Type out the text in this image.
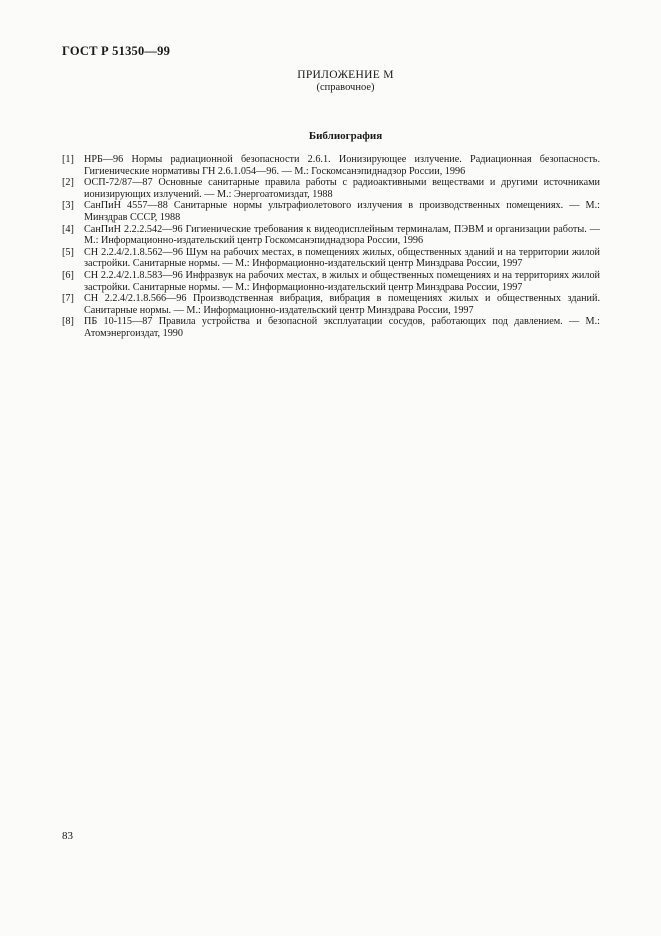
ГОСТ Р 51350—99
ПРИЛОЖЕНИЕ М
(справочное)
Библиография
[1] НРБ—96 Нормы радиационной безопасности 2.6.1. Ионизирующее излучение. Радиационная безопасность. Гигиенические нормативы ГН 2.6.1.054—96. — М.: Госкомсанэпиднадзор России, 1996
[2] ОСП-72/87—87 Основные санитарные правила работы с радиоактивными веществами и другими источниками ионизирующих излучений. — М.: Энергоатомиздат, 1988
[3] СанПиН 4557—88 Санитарные нормы ультрафиолетового излучения в производственных помещениях. — М.: Минздрав СССР, 1988
[4] СанПиН 2.2.2.542—96 Гигиенические требования к видеодисплейным терминалам, ПЭВМ и организации работы. — М.: Информационно-издательский центр Госкомсанэпиднадзора России, 1996
[5] СН 2.2.4/2.1.8.562—96 Шум на рабочих местах, в помещениях жилых, общественных зданий и на территории жилой застройки. Санитарные нормы. — М.: Информационно-издательский центр Минздрава России, 1997
[6] СН 2.2.4/2.1.8.583—96 Инфразвук на рабочих местах, в жилых и общественных помещениях и на территориях жилой застройки. Санитарные нормы. — М.: Информационно-издательский центр Минздрава России, 1997
[7] СН 2.2.4/2.1.8.566—96 Производственная вибрация, вибрация в помещениях жилых и общественных зданий. Санитарные нормы. — М.: Информационно-издательский центр Минздрава России, 1997
[8] ПБ 10-115—87 Правила устройства и безопасной эксплуатации сосудов, работающих под давлением. — М.: Атомэнергоиздат, 1990
83
